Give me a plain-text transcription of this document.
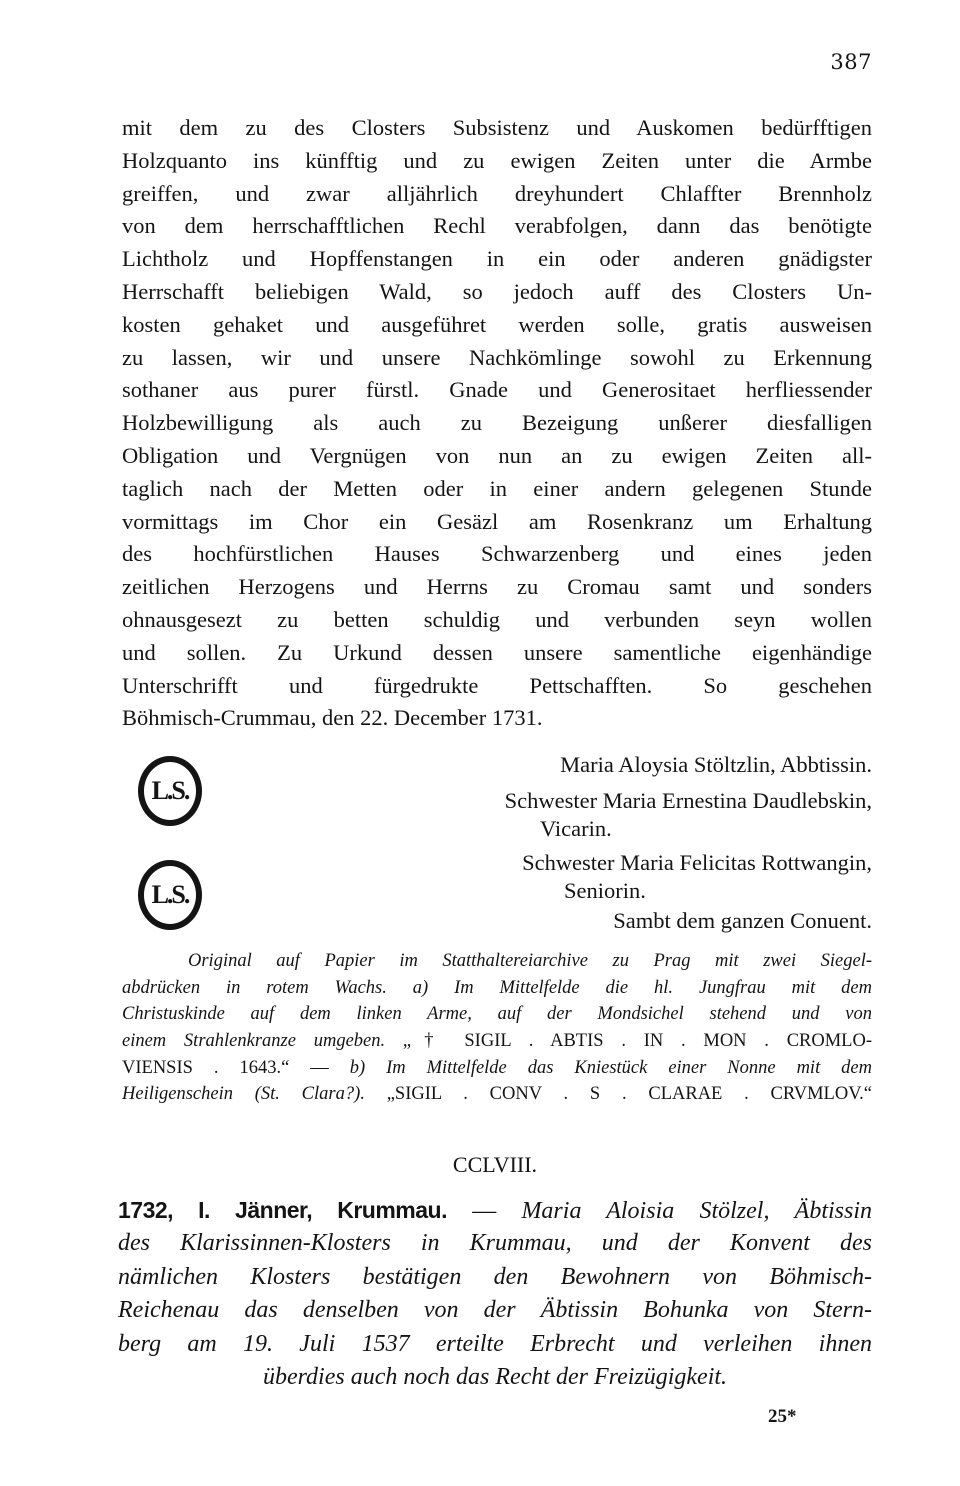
387
mit dem zu des Closters Subsistenz und Auskomen bedürfftigen
Holzquanto ins künfftig und zu ewigen Zeiten unter die Armbe
greiffen, und zwar alljährlich dreyhundert Chlaffter Brennholz
von dem herrschafftlichen Rechl verabfolgen, dann das benötigte
Lichtholz und Hopffenstangen in ein oder anderen gnädigster
Herrschafft beliebigen Wald, so jedoch auff des Closters Un-
kosten gehaket und ausgeführet werden solle, gratis ausweisen
zu lassen, wir und unsere Nachkömlinge sowohl zu Erkennung
sothaner aus purer fürstl. Gnade und Generositaet herfliessender
Holzbewilligung als auch zu Bezeigung unßerer diesfalligen
Obligation und Vergnügen von nun an zu ewigen Zeiten all-
taglich nach der Metten oder in einer andern gelegenen Stunde
vormittags im Chor ein Gesäzl am Rosenkranz um Erhaltung
des hochfürstlichen Hauses Schwarzenberg und eines jeden
zeitlichen Herzogens und Herrns zu Cromau samt und sonders
ohnausgesezt zu betten schuldig und verbunden seyn wollen
und sollen. Zu Urkund dessen unsere samentliche eigenhändige
Unterschrifft und fürgedrukte Pettschafften. So geschehen
Böhmisch-Crummau, den 22. December 1731.
L.S.
L.S.
Maria Aloysia Stöltzlin, Abbtissin.
Schwester Maria Ernestina Daudlebskin,
Vicarin.
Schwester Maria Felicitas Rottwangin,
Seniorin.
Sambt dem ganzen Conuent.
Original auf Papier im Statthaltereiarchive zu Prag mit zwei Siegel-
abdrücken in rotem Wachs. a) Im Mittelfelde die hl. Jungfrau mit dem
Christuskinde auf dem linken Arme, auf der Mondsichel stehend und von
einem Strahlenkranze umgeben. „† SIGIL . ABTIS . IN . MON . CROMLO-
VIENSIS . 1643.“ — b) Im Mittelfelde das Kniestück einer Nonne mit dem
Heiligenschein (St. Clara?). „SIGIL . CONV . S . CLARAE . CRVMLOV.“
CCLVIII.
1732, I. Jänner, Krummau. — Maria Aloisia Stölzel, Äbtissin
des Klarissinnen-Klosters in Krummau, und der Konvent des
nämlichen Klosters bestätigen den Bewohnern von Böhmisch-
Reichenau das denselben von der Äbtissin Bohunka von Stern-
berg am 19. Juli 1537 erteilte Erbrecht und verleihen ihnen
überdies auch noch das Recht der Freizügigkeit.
25*
